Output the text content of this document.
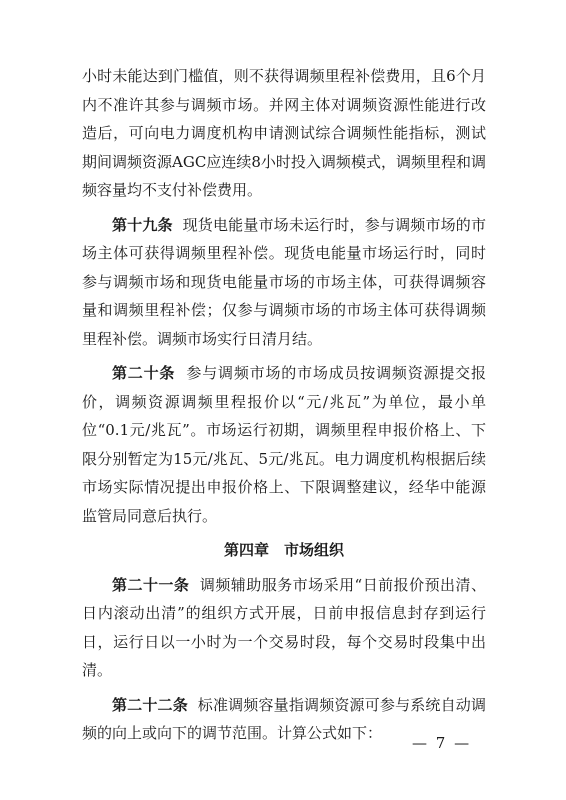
小时未能达到门槛值，则不获得调频里程补偿费用，且6个月内不准许其参与调频市场。并网主体对调频资源性能进行改造后，可向电力调度机构申请测试综合调频性能指标，测试期间调频资源AGC应连续8小时投入调频模式，调频里程和调频容量均不支付补偿费用。

第十九条 现货电能量市场未运行时，参与调频市场的市场主体可获得调频里程补偿。现货电能量市场运行时，同时参与调频市场和现货电能量市场的市场主体，可获得调频容量和调频里程补偿；仅参与调频市场的市场主体可获得调频里程补偿。调频市场实行日清月结。

第二十条 参与调频市场的市场成员按调频资源提交报价，调频资源调频里程报价以“元/兆瓦”为单位，最小单位“0.1元/兆瓦”。市场运行初期，调频里程申报价格上、下限分别暂定为15元/兆瓦、5元/兆瓦。电力调度机构根据后续市场实际情况提出申报价格上、下限调整建议，经华中能源监管局同意后执行。

第四章 市场组织

第二十一条 调频辅助服务市场采用“日前报价预出清、日内滚动出清”的组织方式开展，日前申报信息封存到运行日，运行日以一小时为一个交易时段，每个交易时段集中出清。

第二十二条 标准调频容量指调频资源可参与系统自动调频的向上或向下的调节范围。计算公式如下：

— 7 —
